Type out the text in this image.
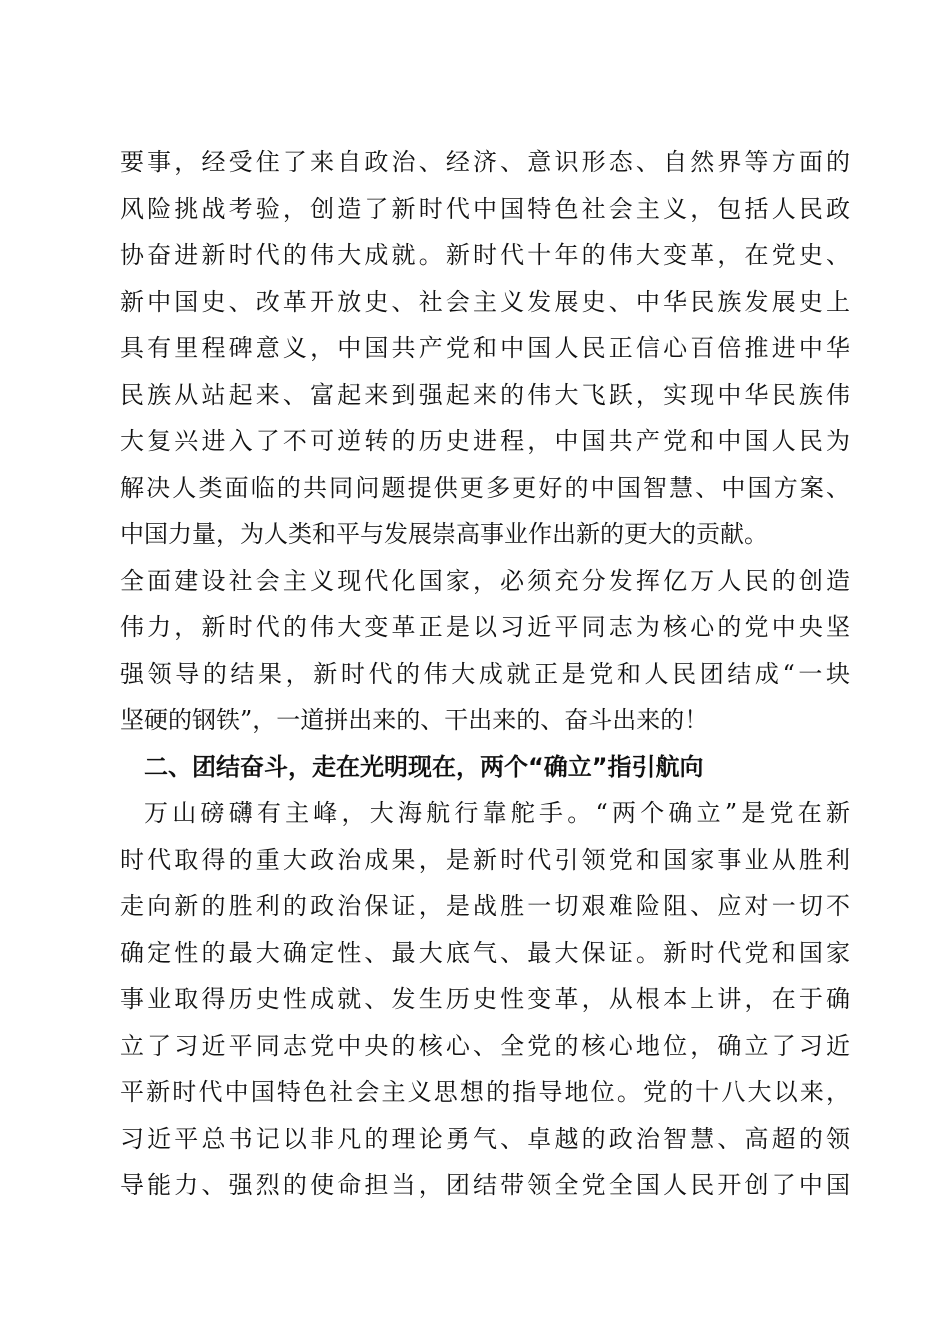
要事，经受住了来自政治、经济、意识形态、自然界等方面的
风险挑战考验，创造了新时代中国特色社会主义，包括人民政
协奋进新时代的伟大成就。新时代十年的伟大变革，在党史、
新中国史、改革开放史、社会主义发展史、中华民族发展史上
具有里程碑意义，中国共产党和中国人民正信心百倍推进中华
民族从站起来、富起来到强起来的伟大飞跃，实现中华民族伟
大复兴进入了不可逆转的历史进程，中国共产党和中国人民为
解决人类面临的共同问题提供更多更好的中国智慧、中国方案、
中国力量，为人类和平与发展崇高事业作出新的更大的贡献。
全面建设社会主义现代化国家，必须充分发挥亿万人民的创造
伟力，新时代的伟大变革正是以习近平同志为核心的党中央坚
强领导的结果，新时代的伟大成就正是党和人民团结成“一块
坚硬的钢铁”，一道拼出来的、干出来的、奋斗出来的！
二、团结奋斗，走在光明现在，两个“确立”指引航向
万山磅礴有主峰，大海航行靠舵手。“两个确立”是党在新
时代取得的重大政治成果，是新时代引领党和国家事业从胜利
走向新的胜利的政治保证，是战胜一切艰难险阻、应对一切不
确定性的最大确定性、最大底气、最大保证。新时代党和国家
事业取得历史性成就、发生历史性变革，从根本上讲，在于确
立了习近平同志党中央的核心、全党的核心地位，确立了习近
平新时代中国特色社会主义思想的指导地位。党的十八大以来，
习近平总书记以非凡的理论勇气、卓越的政治智慧、高超的领
导能力、强烈的使命担当，团结带领全党全国人民开创了中国
